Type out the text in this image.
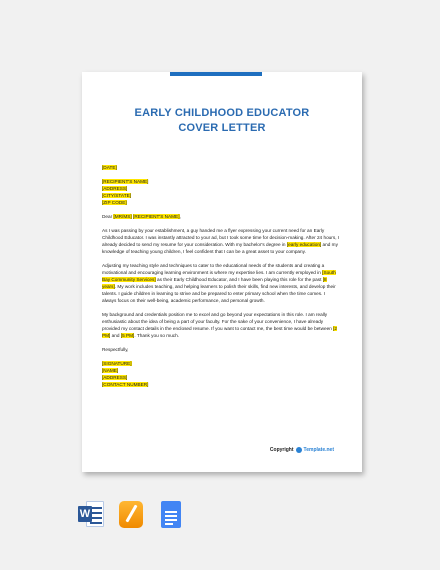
EARLY CHILDHOOD EDUCATOR
COVER LETTER
[DATE]
[RECIPIENT'S NAME]
[ADDRESS]
[CITY/STATE]
[ZIP CODE]

Dear [MR/MS] [RECIPIENT'S NAME],

As I was passing by your establishment, a guy handed me a flyer expressing your current need for an Early Childhood Educator. I was instantly attracted to your ad, but I took some time for decision-making. After 24 hours, I already decided to send my resume for your consideration. With my bachelor's degree in [early education] and my knowledge of teaching young children, I feel confident that I can be a great asset to your company.

Adjusting my teaching style and techniques to cater to the educational needs of the students and creating a motivational and encouraging learning environment is where my expertise lies. I am currently employed in [South Bay Community Services] as their Early Childhood Educator, and I have been playing this role for the past [8 years]. My work includes teaching, and helping learners to polish their skills, find new interests, and develop their talents. I guide children in learning to strive and be prepared to enter primary school when the time comes. I always focus on their well-being, academic performance, and personal growth.

My background and credentials position me to excel and go beyond your expectations in this role. I am really enthusiastic about the idea of being a part of your faculty. For the sake of your convenience, I have already provided my contact details in the enclosed resume. If you want to contact me, the best time would be between [2 PM] and [5 PM]. Thank you so much.

Respectfully,

[SIGNATURE]
[NAME]
[ADDRESS]
[CONTACT NUMBER]
Copyright Template.net
W
